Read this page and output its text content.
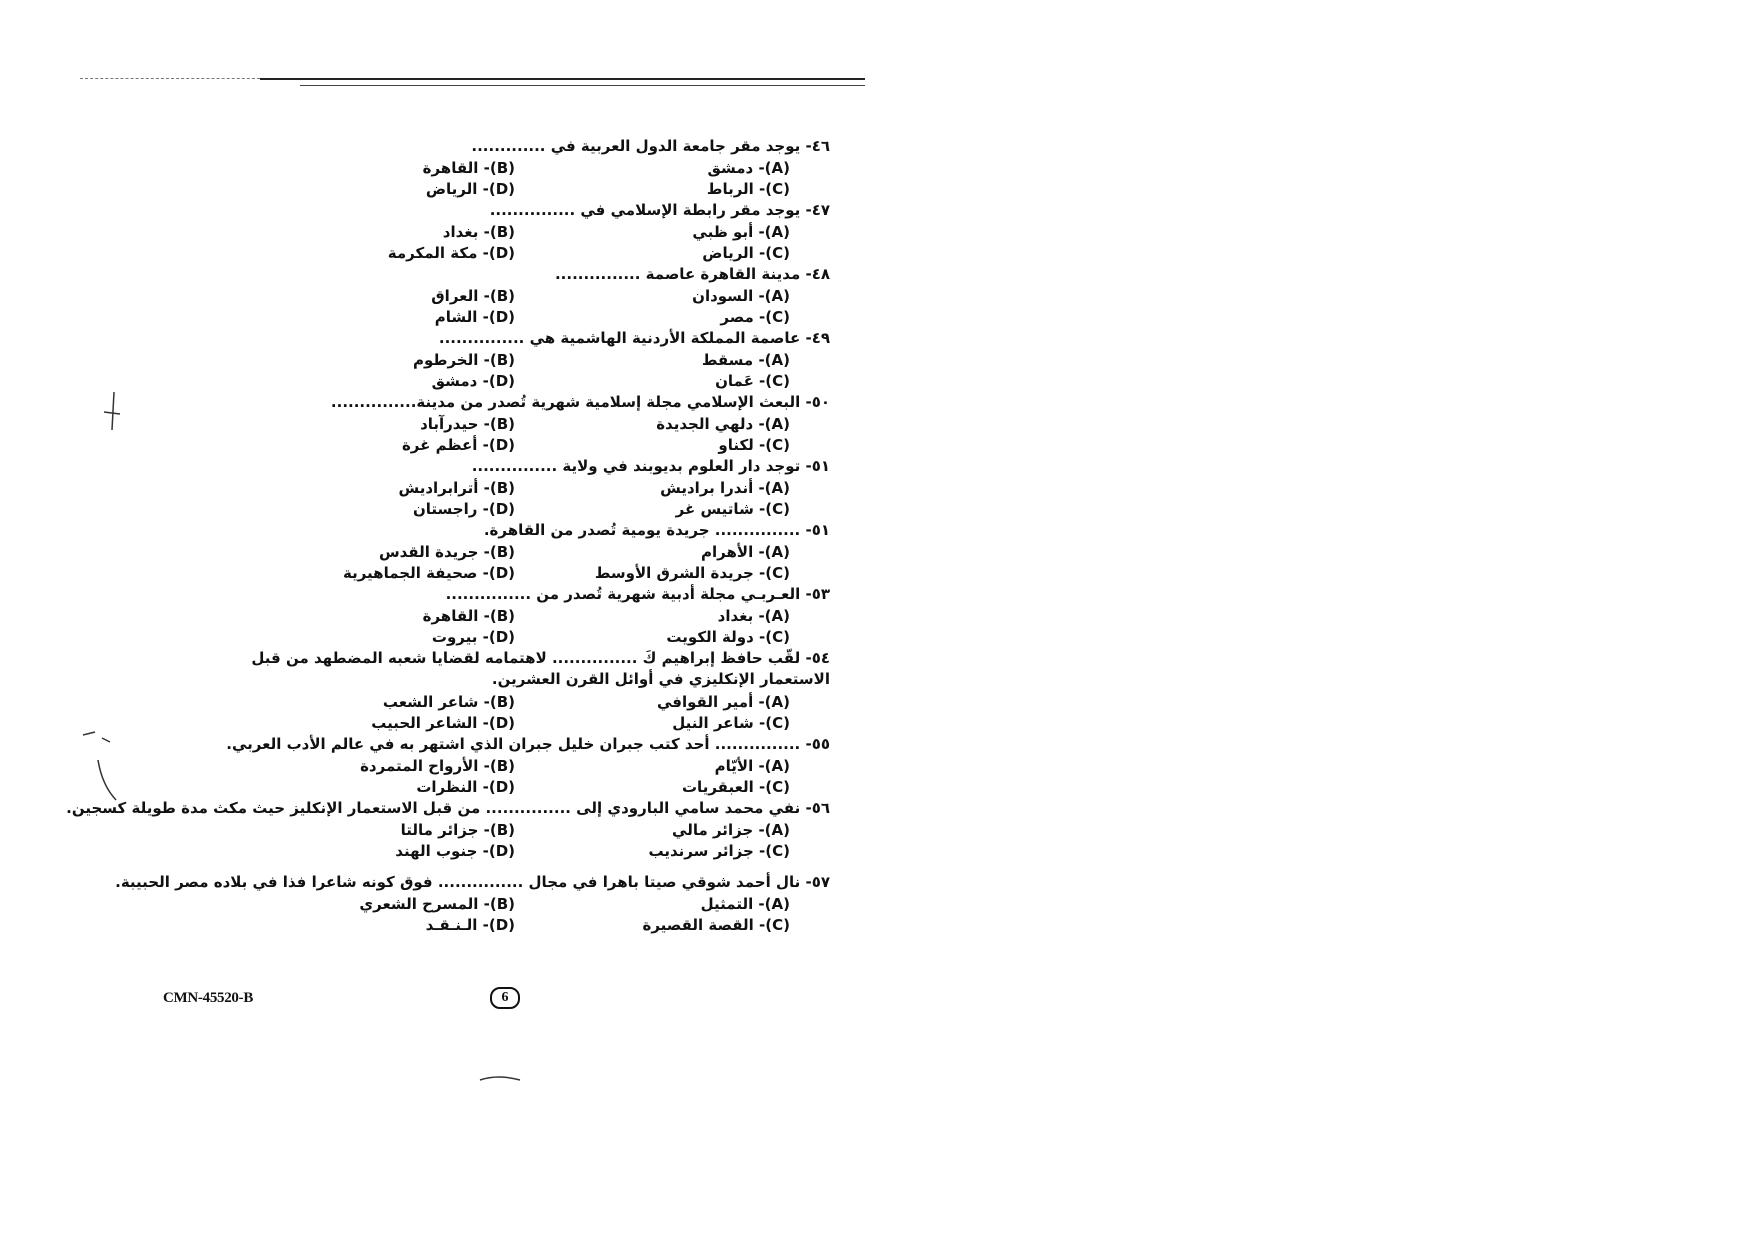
٤٦- يوجد مقر جامعة الدول العربية في .............
(A)- دمشق
(B)- القاهرة
(C)- الرباط
(D)- الرياض
٤٧- يوجد مقر رابطة الإسلامي في ...............
(A)- أبو ظبي
(B)- بغداد
(C)- الرياض
(D)- مكة المكرمة
٤٨- مدينة القاهرة عاصمة ...............
(A)- السودان
(B)- العراق
(C)- مصر
(D)- الشام
٤٩- عاصمة المملكة الأردنية الهاشمية هي ...............
(A)- مسقط
(B)- الخرطوم
(C)- عَمان
(D)- دمشق
٥٠- البعث الإسلامي مجلة إسلامية شهرية تُصدر من مدينة...............
(A)- دلهي الجديدة
(B)- حيدرآباد
(C)- لكناو
(D)- أعظم غرة
٥١- توجد دار العلوم بديوبند في ولاية ...............
(A)- أندرا براديش
(B)- أترابراديش
(C)- شاتيس غر
(D)- راجستان
٥١- ............... جريدة يومية تُصدر من القاهرة.
(A)- الأهرام
(B)- جريدة القدس
(C)- جريدة الشرق الأوسط
(D)- صحيفة الجماهيرية
٥٣- العـربـي مجلة أدبية شهرية تُصدر من ...............
(A)- بغداد
(B)- القاهرة
(C)- دولة الكويت
(D)- بيروت
٥٤- لقّب حافظ إبراهيم كَ ............... لاهتمامه لقضايا شعبه المضطهد من قبل الاستعمار الإنكليزي في أوائل القرن العشرين.
(A)- أمير القوافي
(B)- شاعر الشعب
(C)- شاعر النيل
(D)- الشاعر الحبيب
٥٥- ............... أحد كتب جبران خليل جبران الذي اشتهر به في عالم الأدب العربي.
(A)- الأيّام
(B)- الأرواح المتمردة
(C)- العبقريات
(D)- النظرات
٥٦- نفي محمد سامي البارودي إلى ............... من قبل الاستعمار الإنكليز حيث مكث مدة طويلة كسجين.
(A)- جزائر مالي
(B)- جزائر مالتا
(C)- جزائر سرنديب
(D)- جنوب الهند
٥٧- نال أحمد شوقي صيتا باهرا في مجال ............... فوق كونه شاعرا فذا في بلاده مصر الحبيبة.
(A)- التمثيل
(B)- المسرح الشعري
(C)- القصة القصيرة
(D)- الـنـقـد
CMN-45520-B	6
